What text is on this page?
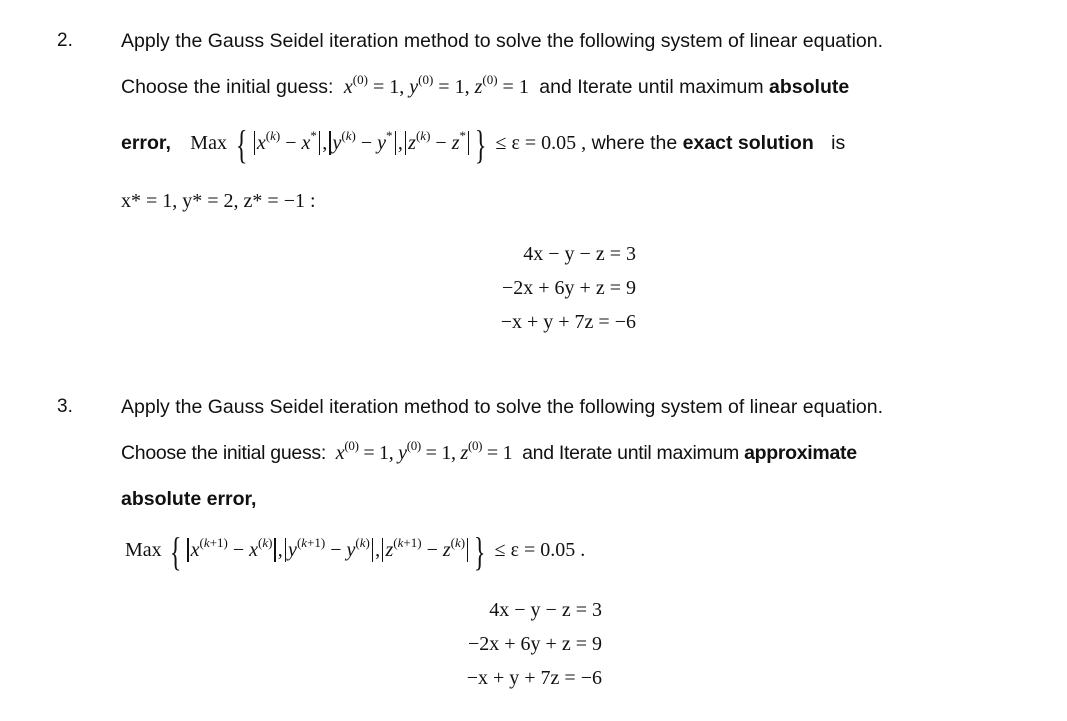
2. Apply the Gauss Seidel iteration method to solve the following system of linear equation.
Choose the initial guess: $x^{(0)} = 1$, $y^{(0)} = 1$, $z^{(0)} = 1$  and Iterate until maximum absolute
error, Max { $x^{(k)} - x^*$ , $y^{(k)} - y^*$ , $z^{(k)} - z^*$ } ≤ ε = 0.05 , where the exact solution is
x* = 1, y* = 2, z* = −1 :
4x − y − z = 3
−2x + 6y + z = 9
−x + y + 7z = −6
3. Apply the Gauss Seidel iteration method to solve the following system of linear equation.
Choose the initial guess: $x^{(0)} = 1$, $y^{(0)} = 1$, $z^{(0)} = 1$  and Iterate until maximum approximate
absolute error,
Max { $x^{(k+1)} - x^{(k)}$ , $y^{(k+1)} - y^{(k)}$ , $z^{(k+1)} - z^{(k)}$ } ≤ ε = 0.05 .
4x − y − z = 3
−2x + 6y + z = 9
−x + y + 7z = −6
